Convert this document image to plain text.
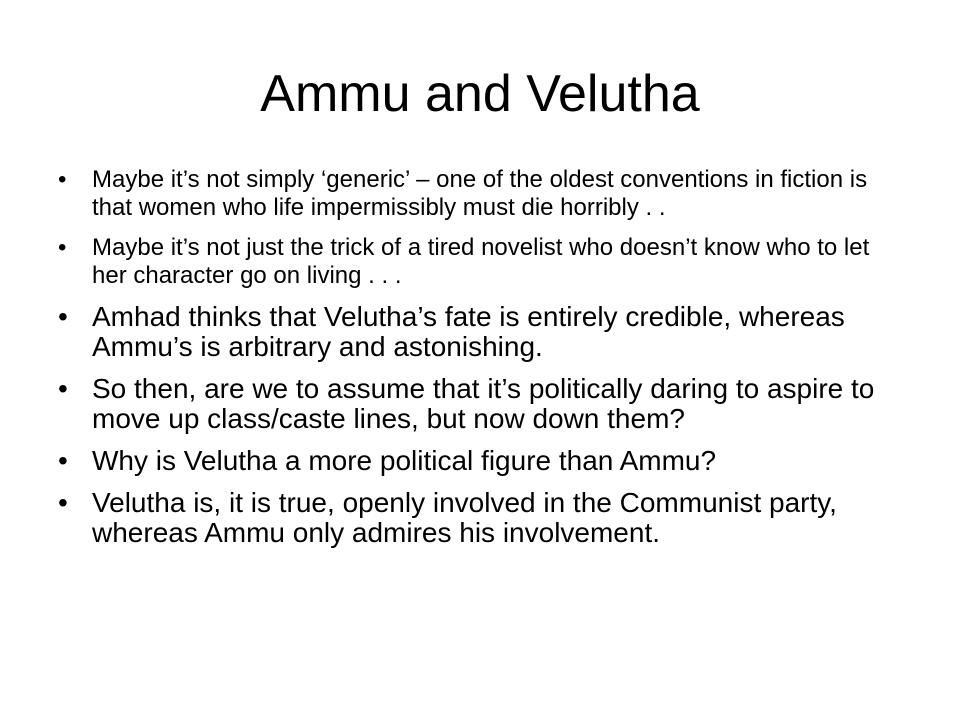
Ammu and Velutha
• Maybe it’s not simply ‘generic’ – one of the oldest conventions in fiction is that women who life impermissibly must die horribly . .
• Maybe it’s not just the trick of a tired novelist who doesn’t know who to let her character go on living . . .
• Amhad thinks that Velutha’s fate is entirely credible, whereas Ammu’s is arbitrary and astonishing.
• So then, are we to assume that it’s politically daring to aspire to move up class/caste lines, but now down them?
• Why is Velutha a more political figure than Ammu?
• Velutha is, it is true, openly involved in the Communist party, whereas Ammu only admires his involvement.
